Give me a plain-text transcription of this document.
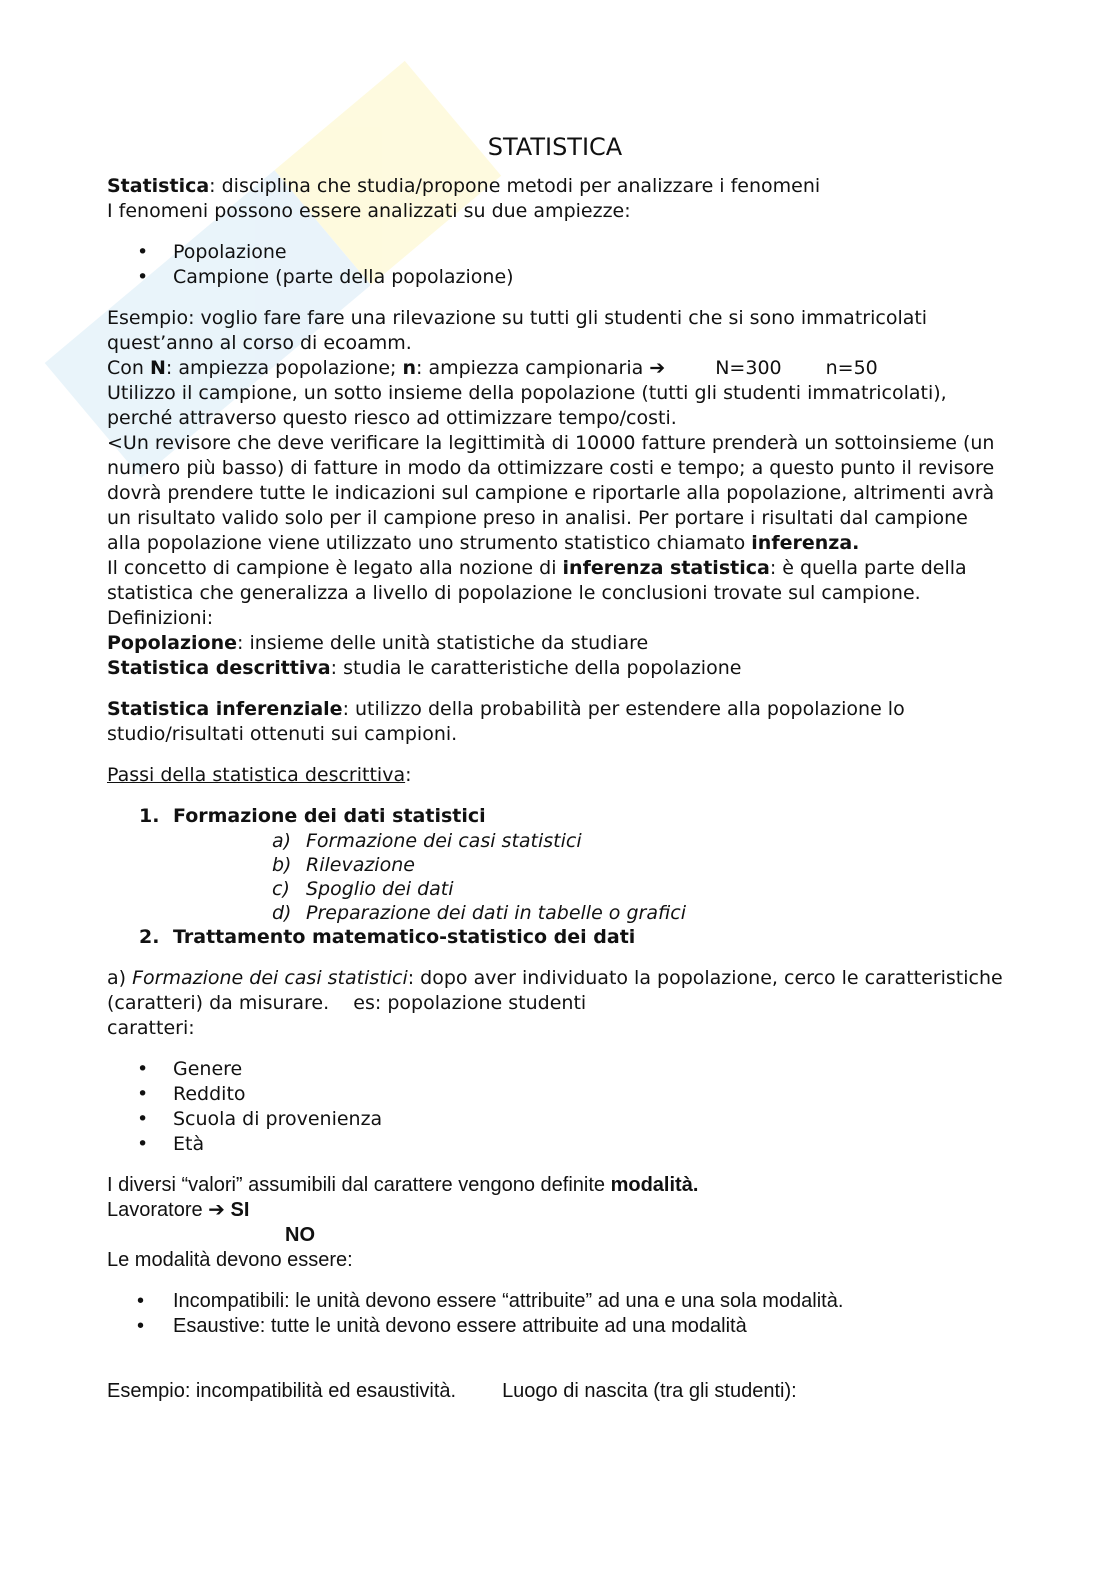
STATISTICA

Statistica: disciplina che studia/propone metodi per analizzare i fenomeni

I fenomeni possono essere analizzati su due ampiezze:

• Popolazione
• Campione (parte della popolazione)

Esempio: voglio fare fare una rilevazione su tutti gli studenti che si sono immatricolati quest’anno al corso di ecoamm.

Con N: ampiezza popolazione; n: ampiezza campionaria ➔	N=300 n=50

Utilizzo il campione, un sotto insieme della popolazione (tutti gli studenti immatricolati), perché attraverso questo riesco ad ottimizzare tempo/costi.

<Un revisore che deve verificare la legittimità di 10000 fatture prenderà un sottoinsieme (un numero più basso) di fatture in modo da ottimizzare costi e tempo; a questo punto il revisore dovrà prendere tutte le indicazioni sul campione e riportarle alla popolazione, altrimenti avrà un risultato valido solo per il campione preso in analisi. Per portare i risultati dal campione alla popolazione viene utilizzato uno strumento statistico chiamato inferenza.

Il concetto di campione è legato alla nozione di inferenza statistica: è quella parte della statistica che generalizza a livello di popolazione le conclusioni trovate sul campione.

Definizioni:

Popolazione: insieme delle unità statistiche da studiare

Statistica descrittiva: studia le caratteristiche della popolazione

Statistica inferenziale: utilizzo della probabilità per estendere alla popolazione lo studio/risultati ottenuti sui campioni.

Passi della statistica descrittiva:

1. Formazione dei dati statistici
a) Formazione dei casi statistici
b) Rilevazione
c) Spoglio dei dati
d) Preparazione dei dati in tabelle o grafici
2. Trattamento matematico-statistico dei dati

a) Formazione dei casi statistici: dopo aver individuato la popolazione, cerco le caratteristiche (caratteri) da misurare.    es: popolazione studenti

caratteri:

• Genere
• Reddito
• Scuola di provenienza
• Età

I diversi “valori” assumibili dal carattere vengono definite modalità.

Lavoratore ➔ SI

NO

Le modalità devono essere:

• Incompatibili: le unità devono essere “attribuite” ad una e una sola modalità.
• Esaustive: tutte le unità devono essere attribuite ad una modalità

Esempio: incompatibilità ed esaustività. Luogo di nascita (tra gli studenti):
